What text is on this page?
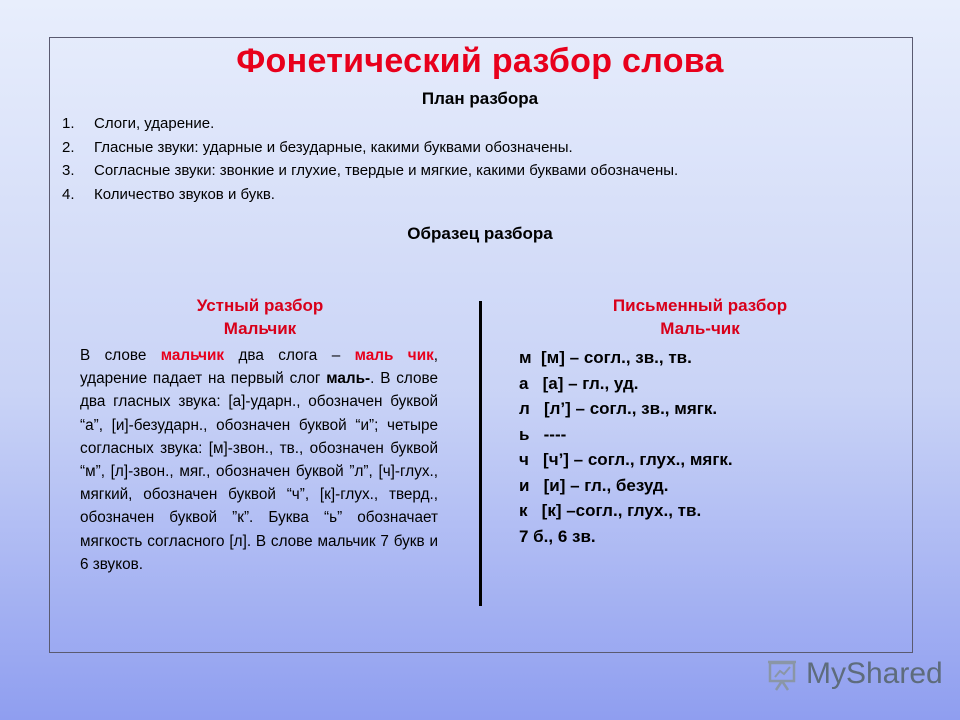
Фонетический разбор слова
План разбора
1. Слоги, ударение.
2. Гласные звуки: ударные и безударные, какими буквами обозначены.
3. Согласные звуки: звонкие и глухие, твердые и мягкие, какими буквами обозначены.
4. Количество звуков и букв.
Образец разбора
Устный разбор
Мальчик
В слове мальчик два слога – маль чик, ударение падает на первый слог маль-. В слове два гласных звука: [а]-ударн., обозначен буквой “а”, [и]-безударн., обозначен буквой “и”; четыре согласных звука: [м]-звон., тв., обозначен буквой “м”, [л]-звон., мяг., обозначен буквой ”л”, [ч]-глух., мягкий, обозначен буквой “ч”, [к]-глух., тверд., обозначен буквой ”к”. Буква “ь” обозначает мягкость согласного [л]. В слове мальчик 7 букв и 6 звуков.
Письменный разбор
Маль-чик
м  [м] – согл., зв., тв.
а   [а] – гл., уд.
л   [л’] – согл., зв., мягк.
ь   ----
ч   [ч’] – согл., глух., мягк.
и   [и] – гл., безуд.
к   [к] –согл., глух., тв.
7 б., 6 зв.
MyShared
